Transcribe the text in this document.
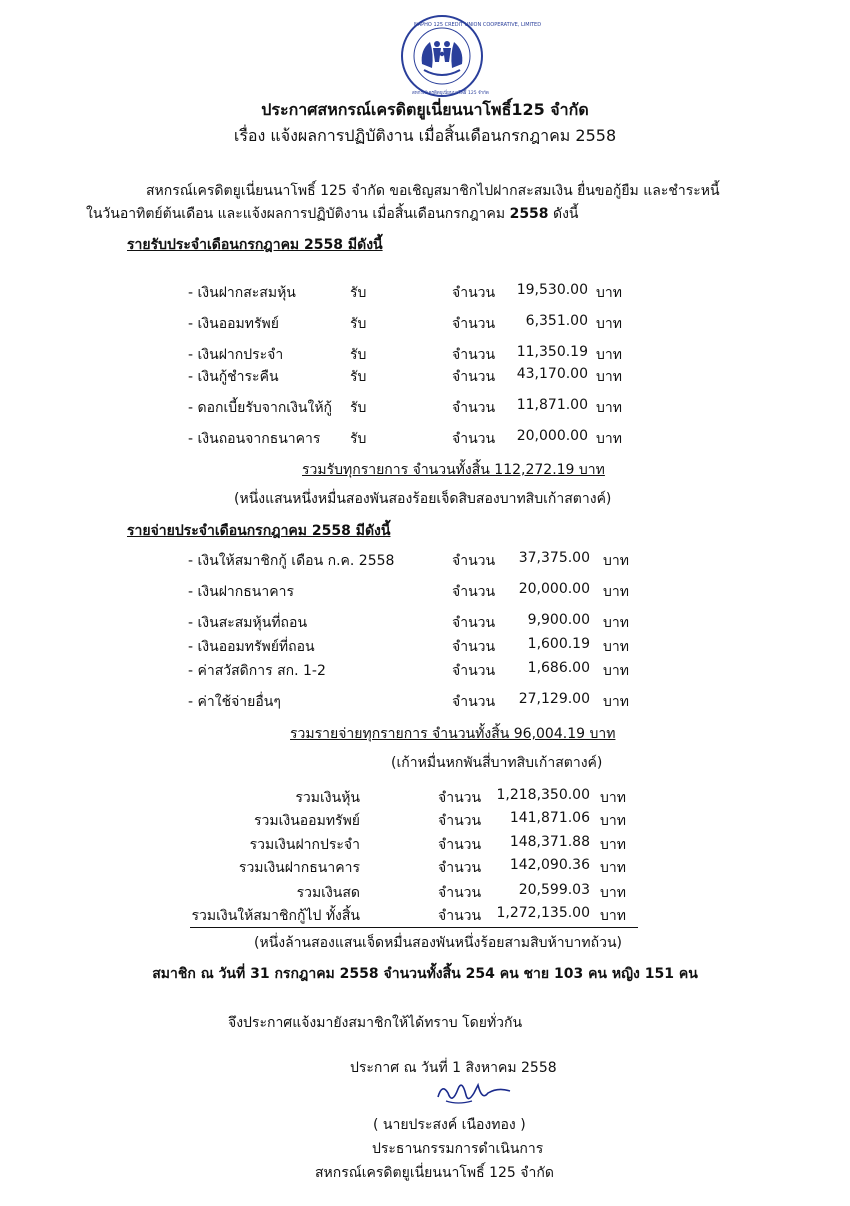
NAPHO 125 CREDIT UNION COOPERATIVE, LIMITED
สหกรณ์เครดิตยูเนี่ยนนาโพธิ์ 125 จำกัด
ประกาศสหกรณ์เครดิตยูเนี่ยนนาโพธิ์125 จำกัด
เรื่อง แจ้งผลการปฏิบัติงาน เมื่อสิ้นเดือนกรกฎาคม 2558
สหกรณ์เครดิตยูเนี่ยนนาโพธิ์ 125 จำกัด ขอเชิญสมาชิกไปฝากสะสมเงิน ยื่นขอกู้ยืม และชำระหนี้
ในวันอาทิตย์ต้นเดือน และแจ้งผลการปฏิบัติงาน เมื่อสิ้นเดือนกรกฎาคม 2558 ดังนี้
รายรับประจำเดือนกรกฎาคม 2558 มีดังนี้
- เงินฝากสะสมหุ้น	รับ	จำนวน	19,530.00 บาท
- เงินออมทรัพย์	รับ	จำนวน	6,351.00 บาท
- เงินฝากประจำ	รับ	จำนวน	11,350.19 บาท
- เงินกู้ชำระคืน	รับ	จำนวน	43,170.00 บาท
- ดอกเบี้ยรับจากเงินให้กู้ รับ	จำนวน	11,871.00 บาท
- เงินถอนจากธนาคาร รับ	จำนวน	20,000.00 บาท
รวมรับทุกรายการ จำนวนทั้งสิ้น 112,272.19 บาท
(หนึ่งแสนหนึ่งหมื่นสองพันสองร้อยเจ็ดสิบสองบาทสิบเก้าสตางค์)
รายจ่ายประจำเดือนกรกฎาคม 2558 มีดังนี้
- เงินให้สมาชิกกู้ เดือน ก.ค. 2558	จำนวน	37,375.00 บาท
- เงินฝากธนาคาร	จำนวน	20,000.00 บาท
- เงินสะสมหุ้นที่ถอน	จำนวน	9,900.00 บาท
- เงินออมทรัพย์ที่ถอน	จำนวน	1,600.19 บาท
- ค่าสวัสดิการ สก. 1-2	จำนวน	1,686.00 บาท
- ค่าใช้จ่ายอื่นๆ	จำนวน	27,129.00 บาท
รวมรายจ่ายทุกรายการ จำนวนทั้งสิ้น 96,004.19 บาท
(เก้าหมื่นหกพันสี่บาทสิบเก้าสตางค์)
รวมเงินหุ้น	จำนวน	1,218,350.00 บาท
รวมเงินออมทรัพย์	จำนวน	141,871.06 บาท
รวมเงินฝากประจำ	จำนวน	148,371.88 บาท
รวมเงินฝากธนาคาร	จำนวน	142,090.36 บาท
รวมเงินสด	จำนวน	20,599.03 บาท
รวมเงินให้สมาชิกกู้ไป ทั้งสิ้น	จำนวน	1,272,135.00 บาท
(หนึ่งล้านสองแสนเจ็ดหมื่นสองพันหนึ่งร้อยสามสิบห้าบาทถ้วน)
สมาชิก ณ วันที่ 31 กรกฎาคม 2558 จำนวนทั้งสิ้น 254 คน ชาย 103 คน หญิง 151 คน
จึงประกาศแจ้งมายังสมาชิกให้ได้ทราบ โดยทั่วกัน
ประกาศ ณ วันที่ 1 สิงหาคม 2558
( นายประสงค์ เนืองทอง )
ประธานกรรมการดำเนินการ
สหกรณ์เครดิตยูเนี่ยนนาโพธิ์ 125 จำกัด
